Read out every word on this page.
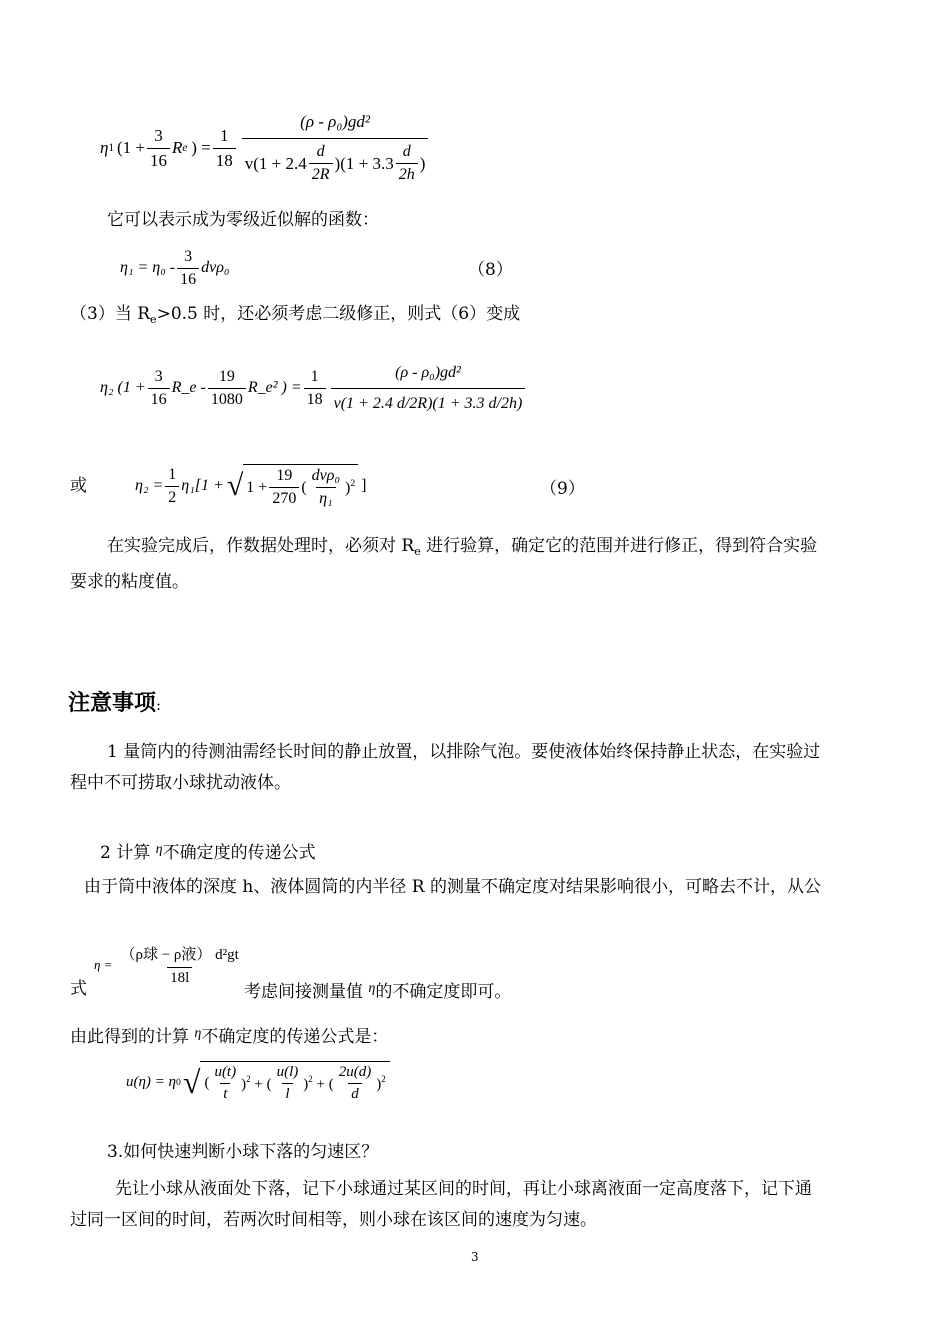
η 1 ($1 + \frac{3}{16}$ R e ) = $\frac{1}{18} \frac{\text{(ρ - ρ₀)gd²}}{v(1 + 2.4 \frac{d}{2R} )(1 + 3.3 \frac{d}{2h} )}$
它可以表示成为零级近似解的函数：
$\eta_1 = \eta_0 - \frac{3}{16} dv\rho_0$	（8）
（3）当 $R_e>0.5$ 时，还必须考虑二级修正，则式（6）变成
η₂ ($1 + \frac{3}{16}$ R_e - $\frac{19}{1080}$ R_e² ) = $\frac{1}{18} \frac{\text{(ρ - ρ₀)gd²}}{v(1 + 2.4 d/2R)(1 + 3.3 d/2h)}$
或	$\eta_2 = \frac{1}{2} \eta_1[1$ + √ $1 + \frac{19}{270}$ ( $\frac{\text{dvρ₀}}{\text{η₁}} )^2$ ]	（9）
在实验完成后，作数据处理时，必须对 $R_e$ 进行验算，确定它的范围并进行修正，得到符合实验
要求的粘度值。
注意事项:
1 量筒内的待测油需经长时间的静止放置，以排除气泡。要使液体始终保持静止状态，在实验过
程中不可捞取小球扰动液体。
2 计算 $^\eta$不确定度的传递公式
由于筒中液体的深度 h、液体圆筒的内半径 R 的测量不确定度对结果影响很小，可略去不计，从公
式
$\eta = \frac{\text{（ρ球 − ρ液） d²gt}}{18l}$
考虑间接测量值 $^\eta$的不确定度即可。
由此得到的计算 $^\eta$不确定度的传递公式是：
u(η) = η 0 √ ( $\frac{u(t)}{t} )^2$ + ( $\frac{u(l)}{l} )^2$ + ( $\frac{2u(d)}{d} )^2$
3.如何快速判断小球下落的匀速区？
先让小球从液面处下落，记下小球通过某区间的时间，再让小球离液面一定高度落下，记下通
过同一区间的时间，若两次时间相等，则小球在该区间的速度为匀速。
3
